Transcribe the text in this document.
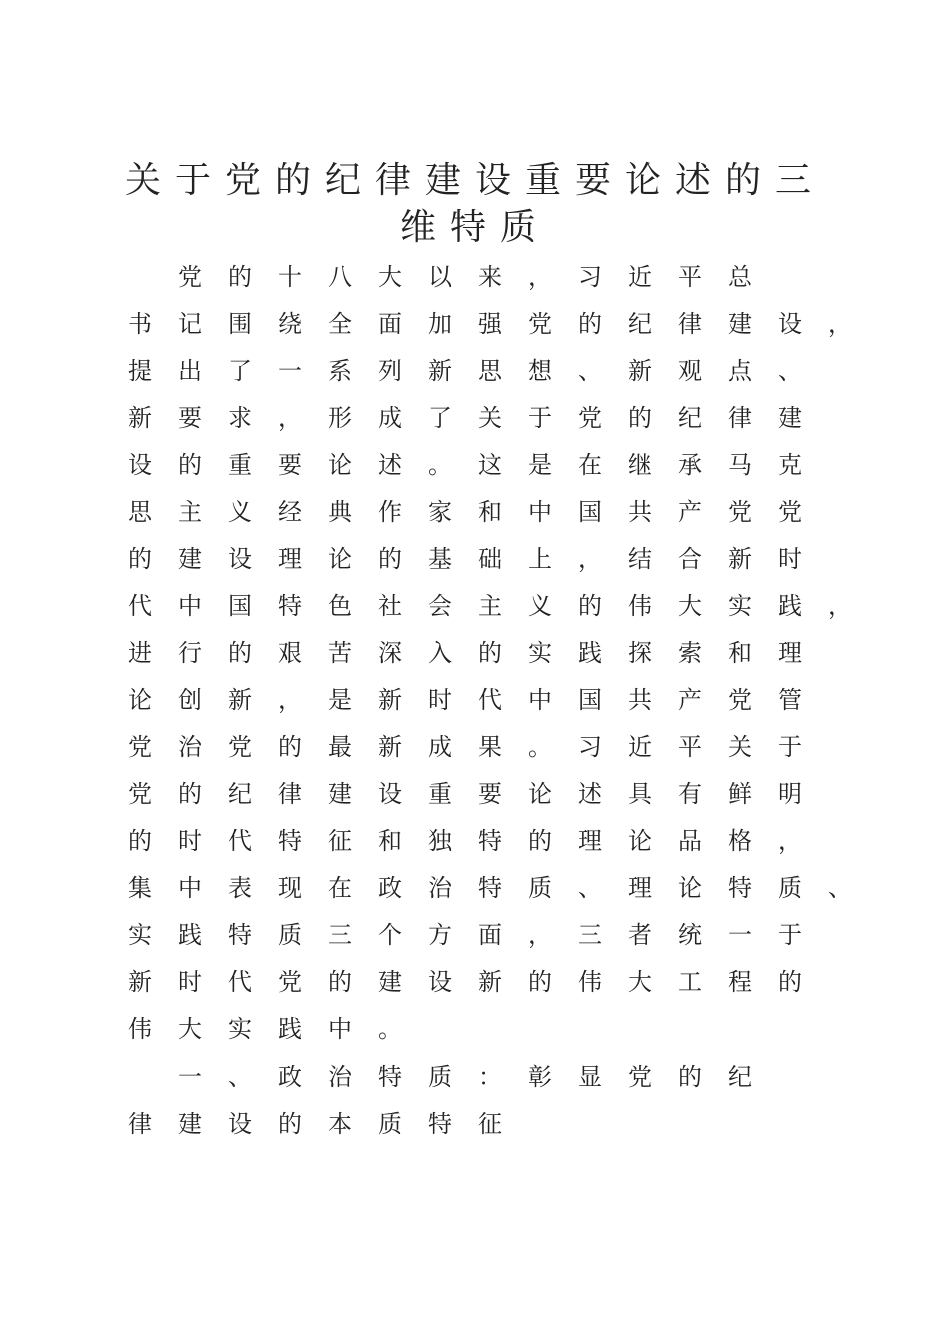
关于党的纪律建设重要论述的三
维特质

　党的十八大以来，习近平总

书记围绕全面加强党的纪律建设，

提出了一系列新思想、新观点、

新要求，形成了关于党的纪律建

设的重要论述。这是在继承马克

思主义经典作家和中国共产党党

的建设理论的基础上，结合新时

代中国特色社会主义的伟大实践，

进行的艰苦深入的实践探索和理

论创新，是新时代中国共产党管

党治党的最新成果。习近平关于

党的纪律建设重要论述具有鲜明

的时代特征和独特的理论品格，

集中表现在政治特质、理论特质、

实践特质三个方面，三者统一于

新时代党的建设新的伟大工程的

伟大实践中。

　一、政治特质：彰显党的纪

律建设的本质特征
